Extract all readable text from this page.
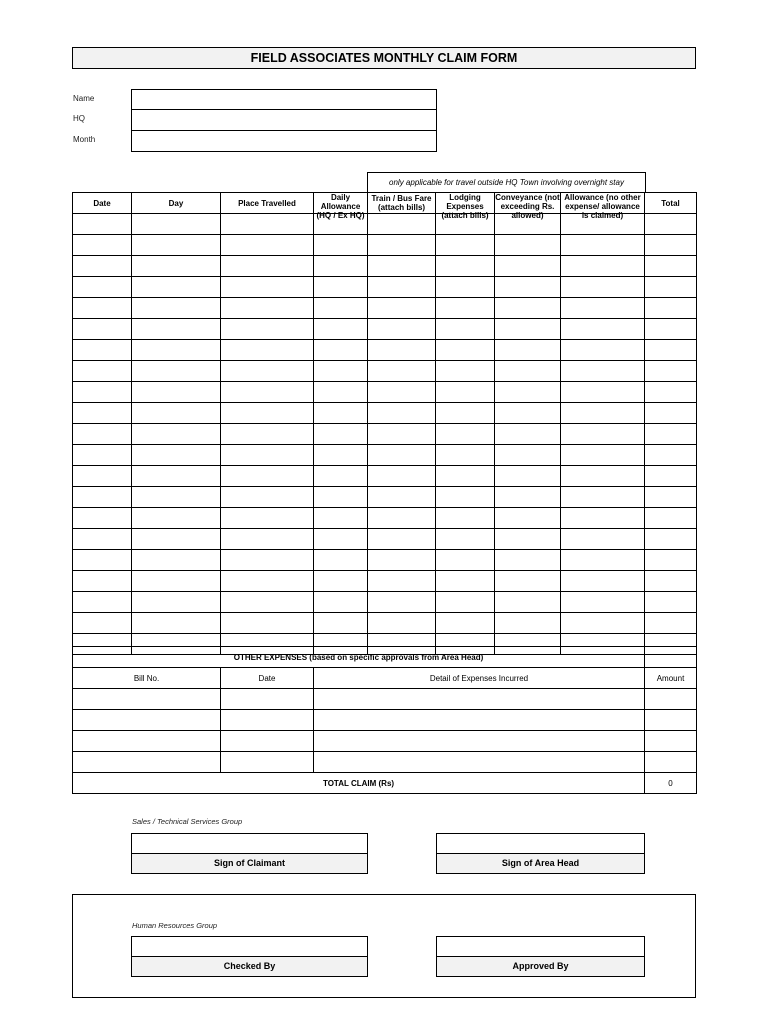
FIELD ASSOCIATES MONTHLY CLAIM FORM
Name
HQ
Month
only applicable for travel outside HQ Town involving overnight stay
Date	Day	Place Travelled	Daily Allowance (HQ / Ex HQ)	Train / Bus Fare (attach bills)	Lodging Expenses (attach bills)	Conveyance (not exceeding Rs. allowed)	Allowance (no other expense/ allowance is claimed)	Total

OTHER EXPENSES (based on specific approvals from Area Head)			
Bill No.	Date	Detail of Expenses Incurred	Amount

TOTAL CLAIM (Rs)			0
Sales / Technical Services Group
Sign of Claimant	Sign of Area Head
Human Resources Group
Checked By	Approved By
